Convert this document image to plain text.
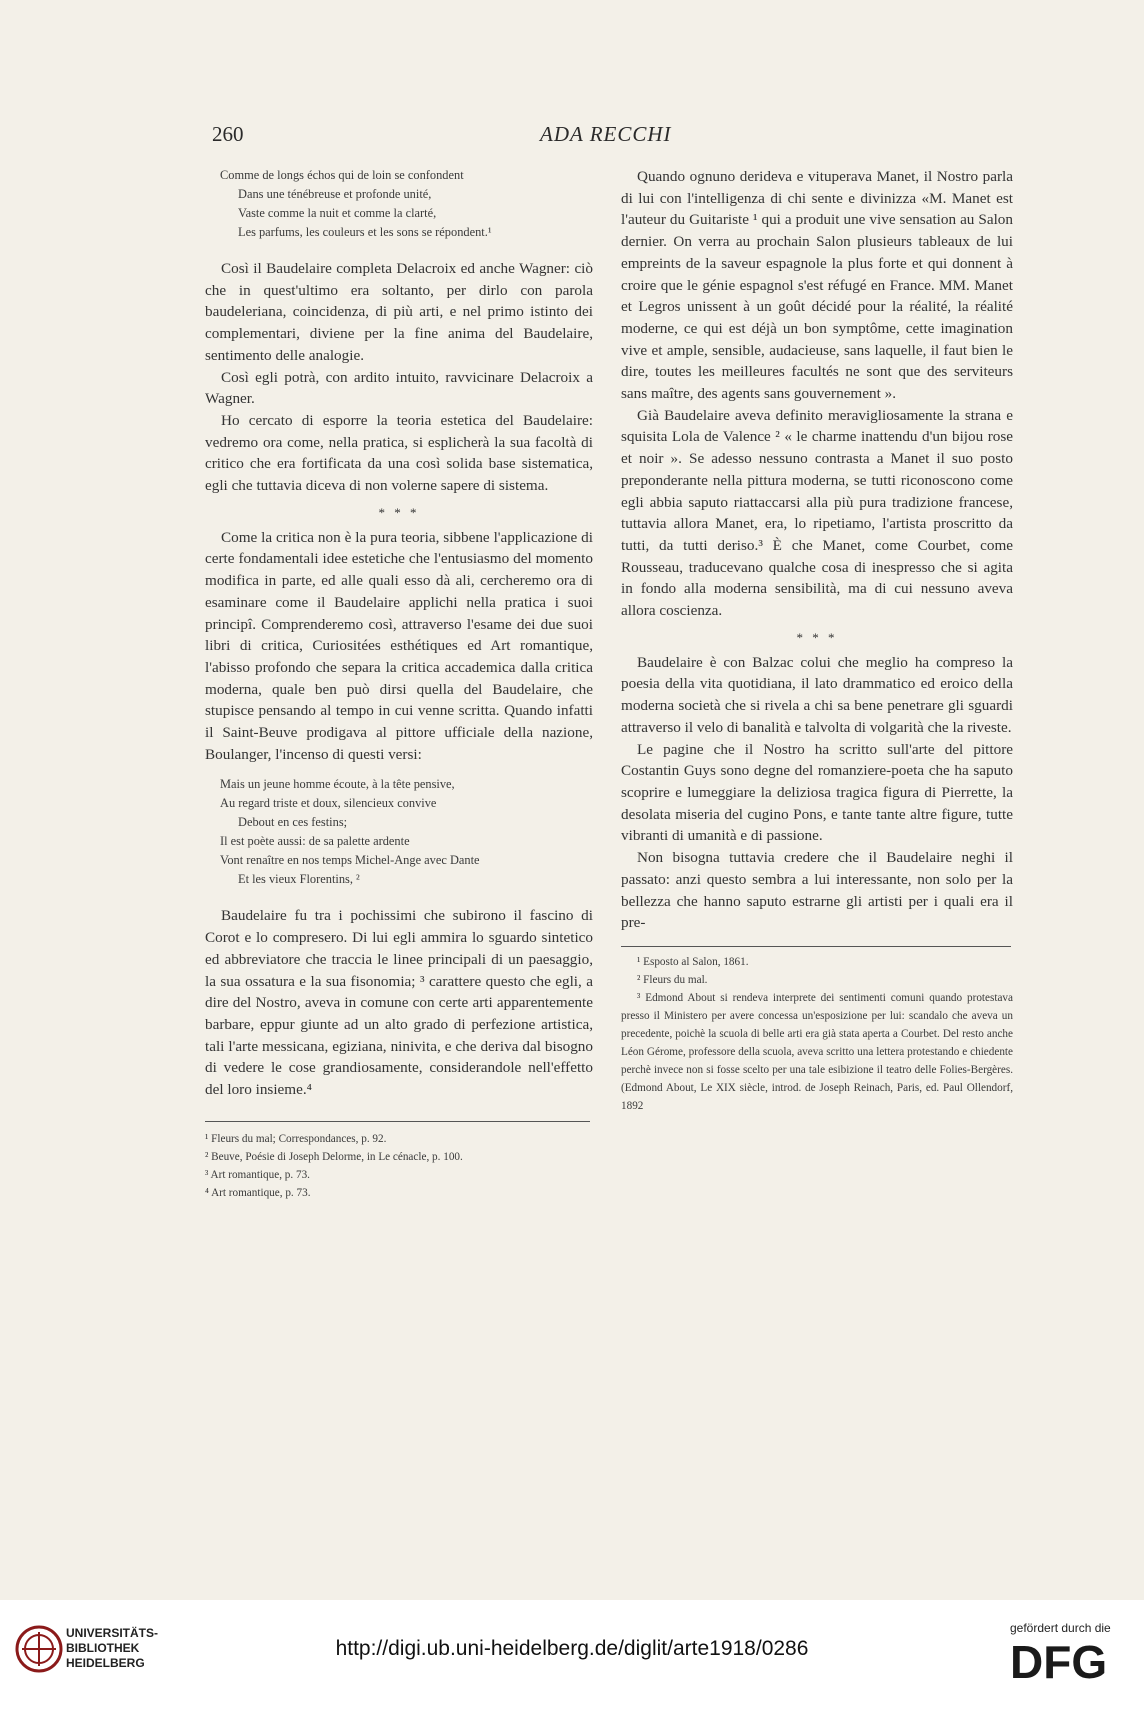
260	ADA RECCHI
Comme de longs échos qui de loin se confondent
Dans une ténébreuse et profonde unité,
Vaste comme la nuit et comme la clarté,
Les parfums, les couleurs et les sons se répondent.¹

Così il Baudelaire completa Delacroix ed anche Wagner: ciò che in quest'ultimo era soltanto, per dirlo con parola baudeleriana, coincidenza, di più arti, e nel primo istinto dei complementari, diviene per la fine anima del Baudelaire, sentimento delle analogie.

Così egli potrà, con ardito intuito, ravvicinare Delacroix a Wagner.

Ho cercato di esporre la teoria estetica del Baudelaire: vedremo ora come, nella pratica, si esplicherà la sua facoltà di critico che era fortificata da una così solida base sistematica, egli che tuttavia diceva di non volerne sapere di sistema.

* * *

Come la critica non è la pura teoria, sibbene l'applicazione di certe fondamentali idee estetiche che l'entusiasmo del momento modifica in parte, ed alle quali esso dà ali, cercheremo ora di esaminare come il Baudelaire applichi nella pratica i suoi principî. Comprenderemo così, attraverso l'esame dei due suoi libri di critica, Curiositées esthétiques ed Art romantique, l'abisso profondo che separa la critica accademica dalla critica moderna, quale ben può dirsi quella del Baudelaire, che stupisce pensando al tempo in cui venne scritta. Quando infatti il Saint-Beuve prodigava al pittore ufficiale della nazione, Boulanger, l'incenso di questi versi:

Mais un jeune homme écoute, à la tête pensive,
Au regard triste et doux, silencieux convive
Debout en ces festins;
Il est poète aussi: de sa palette ardente
Vont renaître en nos temps Michel-Ange avec Dante
Et les vieux Florentins, ²

Baudelaire fu tra i pochissimi che subirono il fascino di Corot e lo compresero. Di lui egli ammira lo sguardo sintetico ed abbreviatore che traccia le linee principali di un paesaggio, la sua ossatura e la sua fisonomia; ³ carattere questo che egli, a dire del Nostro, aveva in comune con certe arti apparentemente barbare, eppur giunte ad un alto grado di perfezione artistica, tali l'arte messicana, egiziana, ninivita, e che deriva dal bisogno di vedere le cose grandiosamente, considerandole nell'effetto del loro insieme.⁴

¹ Fleurs du mal; Correspondances, p. 92.
² Beuve, Poésie di Joseph Delorme, in Le cénacle, p. 100.
³ Art romantique, p. 73.
⁴ Art romantique, p. 73.

Quando ognuno derideva e vituperava Manet, il Nostro parla di lui con l'intelligenza di chi sente e divinizza «M. Manet est l'auteur du Guitariste ¹ qui a produit une vive sensation au Salon dernier. On verra au prochain Salon plusieurs tableaux de lui empreints de la saveur espagnole la plus forte et qui donnent à croire que le génie espagnol s'est réfugé en France. MM. Manet et Legros unissent à un goût décidé pour la réalité, la réalité moderne, ce qui est déjà un bon symptôme, cette imagination vive et ample, sensible, audacieuse, sans laquelle, il faut bien le dire, toutes les meilleures facultés ne sont que des serviteurs sans maître, des agents sans gouvernement ».

Già Baudelaire aveva definito meravigliosamente la strana e squisita Lola de Valence ² « le charme inattendu d'un bijou rose et noir ». Se adesso nessuno contrasta a Manet il suo posto preponderante nella pittura moderna, se tutti riconoscono come egli abbia saputo riattaccarsi alla più pura tradizione francese, tuttavia allora Manet, era, lo ripetiamo, l'artista proscritto da tutti, da tutti deriso.³ È che Manet, come Courbet, come Rousseau, traducevano qualche cosa di inespresso che si agita in fondo alla moderna sensibilità, ma di cui nessuno aveva allora coscienza.

* * *

Baudelaire è con Balzac colui che meglio ha compreso la poesia della vita quotidiana, il lato drammatico ed eroico della moderna società che si rivela a chi sa bene penetrare gli sguardi attraverso il velo di banalità e talvolta di volgarità che la riveste.

Le pagine che il Nostro ha scritto sull'arte del pittore Costantin Guys sono degne del romanziere-poeta che ha saputo scoprire e lumeggiare la deliziosa tragica figura di Pierrette, la desolata miseria del cugino Pons, e tante tante altre figure, tutte vibranti di umanità e di passione.

Non bisogna tuttavia credere che il Baudelaire neghi il passato: anzi questo sembra a lui interessante, non solo per la bellezza che hanno saputo estrarne gli artisti per i quali era il pre-

¹ Esposto al Salon, 1861.

² Fleurs du mal.

³ Edmond About si rendeva interprete dei sentimenti comuni quando protestava presso il Ministero per avere concessa un'esposizione per lui: scandalo che aveva un precedente, poichè la scuola di belle arti era già stata aperta a Courbet. Del resto anche Léon Gérome, professore della scuola, aveva scritto una lettera protestando e chiedente perchè invece non si fosse scelto per una tale esibizione il teatro delle Folies-Bergères. (Edmond About, Le XIX siècle, introd. de Joseph Reinach, Paris, ed. Paul Ollendorf, 1892

UNIVERSITÄTS-
BIBLIOTHEK
HEIDELBERG
http://digi.ub.uni-heidelberg.de/diglit/arte1918/0286
gefördert durch die
DFG
